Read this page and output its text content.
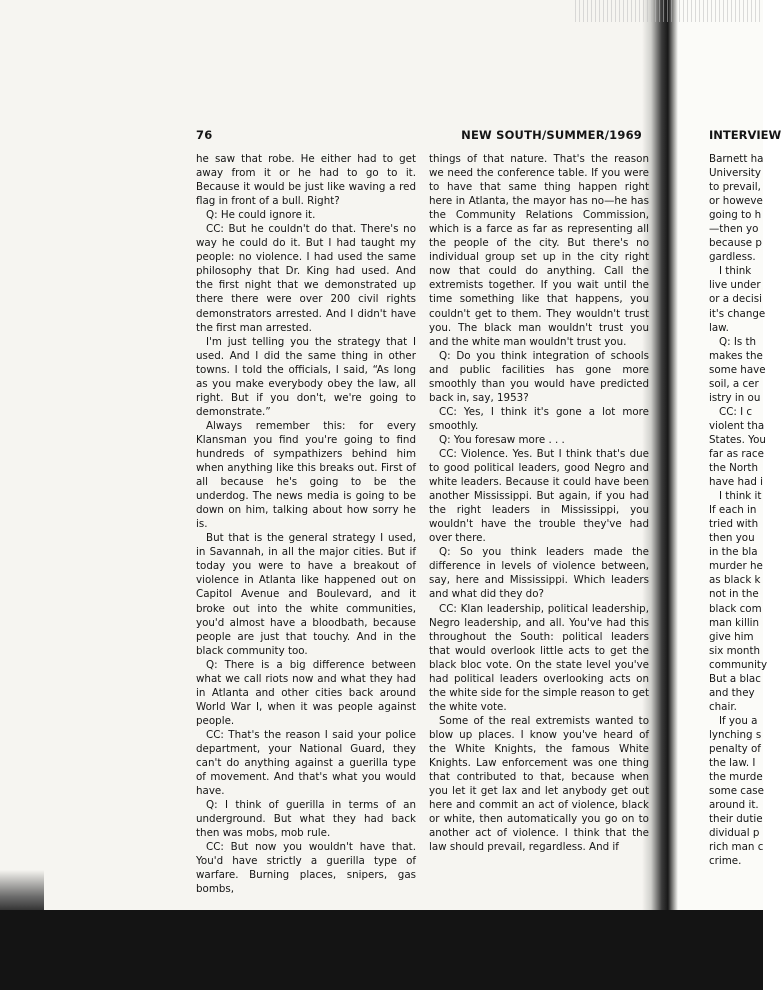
76	NEW SOUTH/SUMMER/1969	INTERVIEW

he saw that robe. He either had to get away from it or he had to go to it. Because it would be just like waving a red flag in front of a bull. Right?

Q: He could ignore it.

CC: But he couldn't do that. There's no way he could do it. But I had taught my people: no violence. I had used the same philosophy that Dr. King had used. And the first night that we demonstrated up there there were over 200 civil rights demonstrators arrested. And I didn't have the first man arrested.

I'm just telling you the strategy that I used. And I did the same thing in other towns. I told the officials, I said, “As long as you make everybody obey the law, all right. But if you don't, we're going to demonstrate.”

Always remember this: for every Klansman you find you're going to find hundreds of sympathizers behind him when anything like this breaks out. First of all because he's going to be the underdog. The news media is going to be down on him, talking about how sorry he is.

But that is the general strategy I used, in Savannah, in all the major cities. But if today you were to have a breakout of violence in Atlanta like happened out on Capitol Avenue and Boulevard, and it broke out into the white communities, you'd almost have a bloodbath, because people are just that touchy. And in the black community too.

Q: There is a big difference between what we call riots now and what they had in Atlanta and other cities back around World War I, when it was people against people.

CC: That's the reason I said your police department, your National Guard, they can't do anything against a guerilla type of movement. And that's what you would have.

Q: I think of guerilla in terms of an underground. But what they had back then was mobs, mob rule.

CC: But now you wouldn't have that. You'd have strictly a guerilla type of warfare. Burning places, snipers, gas bombs,

things of that nature. That's the reason we need the conference table. If you were to have that same thing happen right here in Atlanta, the mayor has no—he has the Community Relations Commission, which is a farce as far as representing all the people of the city. But there's no individual group set up in the city right now that could do anything. Call the extremists together. If you wait until the time something like that happens, you couldn't get to them. They wouldn't trust you. The black man wouldn't trust you and the white man wouldn't trust you.

Q: Do you think integration of schools and public facilities has gone more smoothly than you would have predicted back in, say, 1953?

CC: Yes, I think it's gone a lot more smoothly.

Q: You foresaw more . . .

CC: Violence. Yes. But I think that's due to good political leaders, good Negro and white leaders. Because it could have been another Mississippi. But again, if you had the right leaders in Mississippi, you wouldn't have the trouble they've had over there.

Q: So you think leaders made the difference in levels of violence between, say, here and Mississippi. Which leaders and what did they do?

CC: Klan leadership, political leadership, Negro leadership, and all. You've had this throughout the South: political leaders that would overlook little acts to get the black bloc vote. On the state level you've had political leaders overlooking acts on the white side for the simple reason to get the white vote.

Some of the real extremists wanted to blow up places. I know you've heard of the White Knights, the famous White Knights. Law enforcement was one thing that contributed to that, because when you let it get lax and let anybody get out here and commit an act of violence, black or white, then automatically you go on to another act of violence. I think that the law should prevail, regardless. And if

Barnett ha
University
to prevail,
or howeve
going to h
—then yo
because p
gardless.
I think
live under
or a decisi
it's change
law.
Q: Is th
makes the
some have
soil, a cer
istry in ou
CC: I c
violent tha
States. You
far as race
the North
have had i
I think it
If each in
tried with
then you
in the bla
murder he
as black k
not in the
black com
man killin
give him
six month
community
But a blac
and they
chair.
If you a
lynching s
penalty of
the law. I
the murde
some case
around it.
their dutie
dividual p
rich man c
crime.
